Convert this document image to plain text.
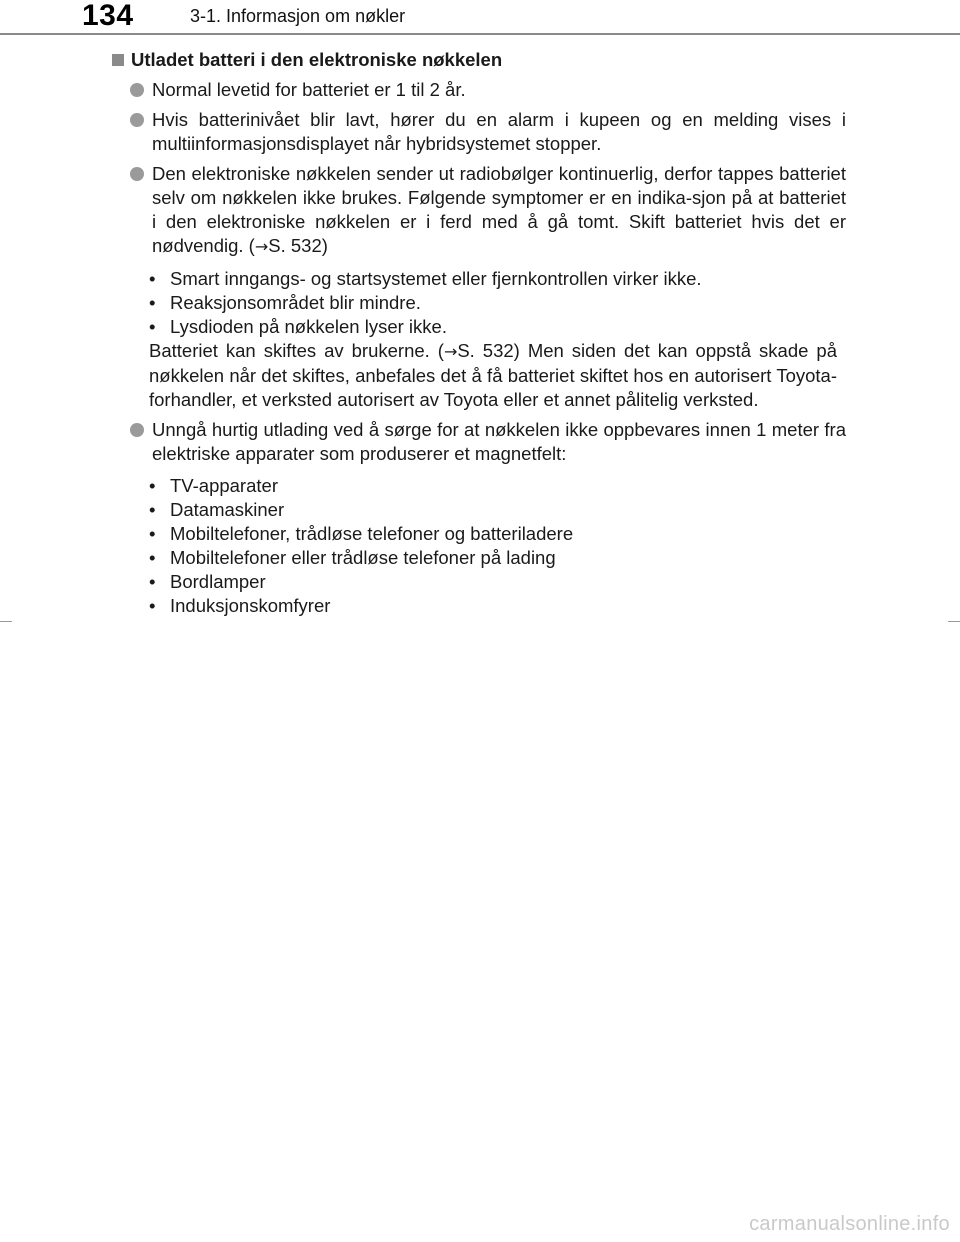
134	3-1. Informasjon om nøkler
Utladet batteri i den elektroniske nøkkelen
Normal levetid for batteriet er 1 til 2 år.
Hvis batterinivået blir lavt, hører du en alarm i kupeen og en melding vises i multiinformasjonsdisplayet når hybridsystemet stopper.
Den elektroniske nøkkelen sender ut radiobølger kontinuerlig, derfor tappes batteriet selv om nøkkelen ikke brukes. Følgende symptomer er en indika-sjon på at batteriet i den elektroniske nøkkelen er i ferd med å gå tomt. Skift batteriet hvis det er nødvendig. (→S. 532)
• Smart inngangs- og startsystemet eller fjernkontrollen virker ikke.
• Reaksjonsområdet blir mindre.
• Lysdioden på nøkkelen lyser ikke.
Batteriet kan skiftes av brukerne. (→S. 532) Men siden det kan oppstå skade på nøkkelen når det skiftes, anbefales det å få batteriet skiftet hos en autorisert Toyota-forhandler, et verksted autorisert av Toyota eller et annet pålitelig verksted.
Unngå hurtig utlading ved å sørge for at nøkkelen ikke oppbevares innen 1 meter fra elektriske apparater som produserer et magnetfelt:
• TV-apparater
• Datamaskiner
• Mobiltelefoner, trådløse telefoner og batteriladere
• Mobiltelefoner eller trådløse telefoner på lading
• Bordlamper
• Induksjonskomfyrer
carmanualsonline.info
